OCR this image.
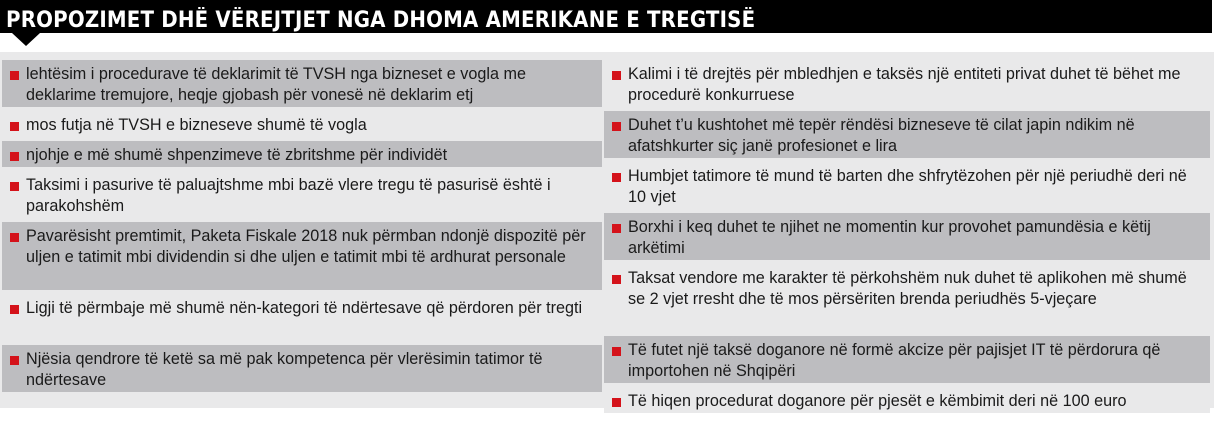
PROPOZIMET DHË VËREJTJET NGA DHOMA AMERIKANE E TREGTISË
lehtësim i procedurave të deklarimit të TVSH nga bizneset e vogla me deklarime tremujore, heqje gjobash për vonesë në deklarim etj
mos futja në TVSH e bizneseve shumë të vogla
njohje e më shumë shpenzimeve të zbritshme për individët
Taksimi i pasurive të paluajtshme mbi bazë vlere tregu të pasurisë është i parakohshëm
Pavarësisht premtimit, Paketa Fiskale 2018 nuk përmban ndonjë dispozitë për uljen e tatimit mbi dividendin si dhe uljen e tatimit mbi të ardhurat personale
Ligji të përmbaje më shumë nën-kategori të ndërtesave që përdoren për tregti
Njësia qendrore të ketë sa më pak kompetenca për vlerësimin tatimor të ndërtesave
Kalimi i të drejtës për mbledhjen e taksës një entiteti privat duhet të bëhet me procedurë konkurruese
Duhet t’u kushtohet më tepër rëndësi bizneseve të cilat japin ndikim në afatshkurter siç janë profesionet e lira
Humbjet tatimore të mund të barten dhe shfrytëzohen për një periudhë deri në 10 vjet
Borxhi i keq duhet te njihet ne momentin kur provohet pamundësia e këtij arkëtimi
Taksat vendore me karakter të përkohshëm nuk duhet të aplikohen më shumë se 2 vjet rresht dhe të mos përsëriten brenda periudhës 5-vjeçare
Të futet një taksë doganore në formë akcize për pajisjet IT të përdorura që importohen në Shqipëri
Të hiqen procedurat doganore për pjesët e këmbimit deri në 100 euro
